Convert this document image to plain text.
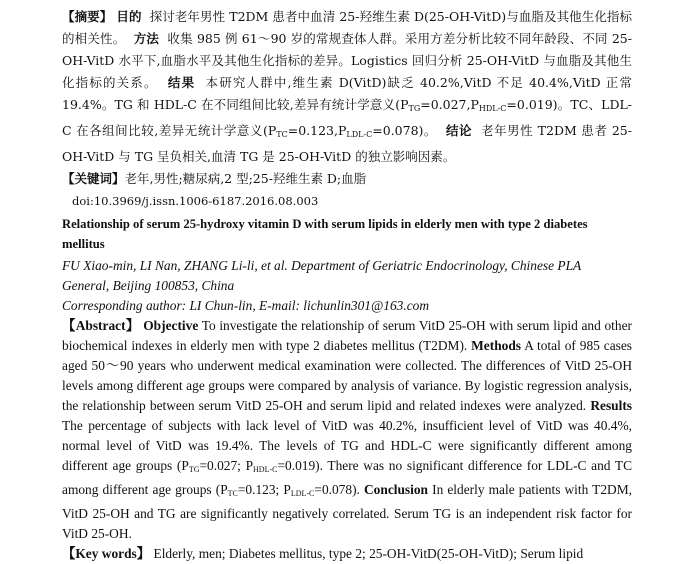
【摘要】 目的 探讨老年男性 T2DM 患者中血清 25-羟维生素 D(25-OH-VitD)与血脂及其他生化指标的相关性。 方法 收集 985 例 61～90 岁的常规查体人群。采用方差分析比较不同年龄段、不同 25-OH-VitD 水平下,血脂水平及其他生化指标的差异。Logistics 回归分析 25-OH-VitD 与血脂及其他生化指标的关系。 结果 本研究人群中,维生素 D(VitD)缺乏 40.2%,VitD 不足 40.4%,VitD 正常 19.4%。TG 和 HDL-C 在不同组间比较,差异有统计学意义$(P_{TG}=0.027,P_{HDL-C}=0.019)$。TC、LDL-C 在各组间比较,差异无统计学意义$(P_{TC}=0.123,P_{LDL-C}=0.078)$。 结论 老年男性 T2DM 患者 25-OH-VitD 与 TG 呈负相关,血清 TG 是 25-OH-VitD 的独立影响因素。

【关键词】老年,男性;糖尿病,2 型;25-羟维生素 D;血脂

doi:10.3969/j.issn.1006-6187.2016.08.003

Relationship of serum 25-hydroxy vitamin D with serum lipids in elderly men with type 2 diabetes mellitus

FU Xiao-min, LI Nan, ZHANG Li-li, et al. Department of Geriatric Endocrinology, Chinese PLA

General, Beijing 100853, China

Corresponding author: LI Chun-lin, E-mail: lichunlin301@163.com

【Abstract】 Objective To investigate the relationship of serum VitD 25-OH with serum lipid and other biochemical indexes in elderly men with type 2 diabetes mellitus (T2DM). Methods A total of 985 cases aged 50～90 years who underwent medical examination were collected. The differences of VitD 25-OH levels among different age groups were compared by analysis of variance. By logistic regression analysis, the relationship between serum VitD 25-OH and serum lipid and related indexes were analyzed. Results The percentage of subjects with lack level of VitD was 40.2%, insufficient level of VitD was 40.4%, normal level of VitD was 19.4%. The levels of TG and HDL-C were significantly different among different age groups ($P_{TG}=0.027$; $P_{HDL-C}=0.019$). There was no significant difference for LDL-C and TC among different age groups ($P_{TC}=0.123$; $P_{LDL-C}=0.078$). Conclusion In elderly male patients with T2DM, VitD 25-OH and TG are significantly negatively correlated. Serum TG is an independent risk factor for VitD 25-OH.

【Key words】 Elderly, men; Diabetes mellitus, type 2; 25-OH-VitD(25-OH-VitD); Serum lipid
